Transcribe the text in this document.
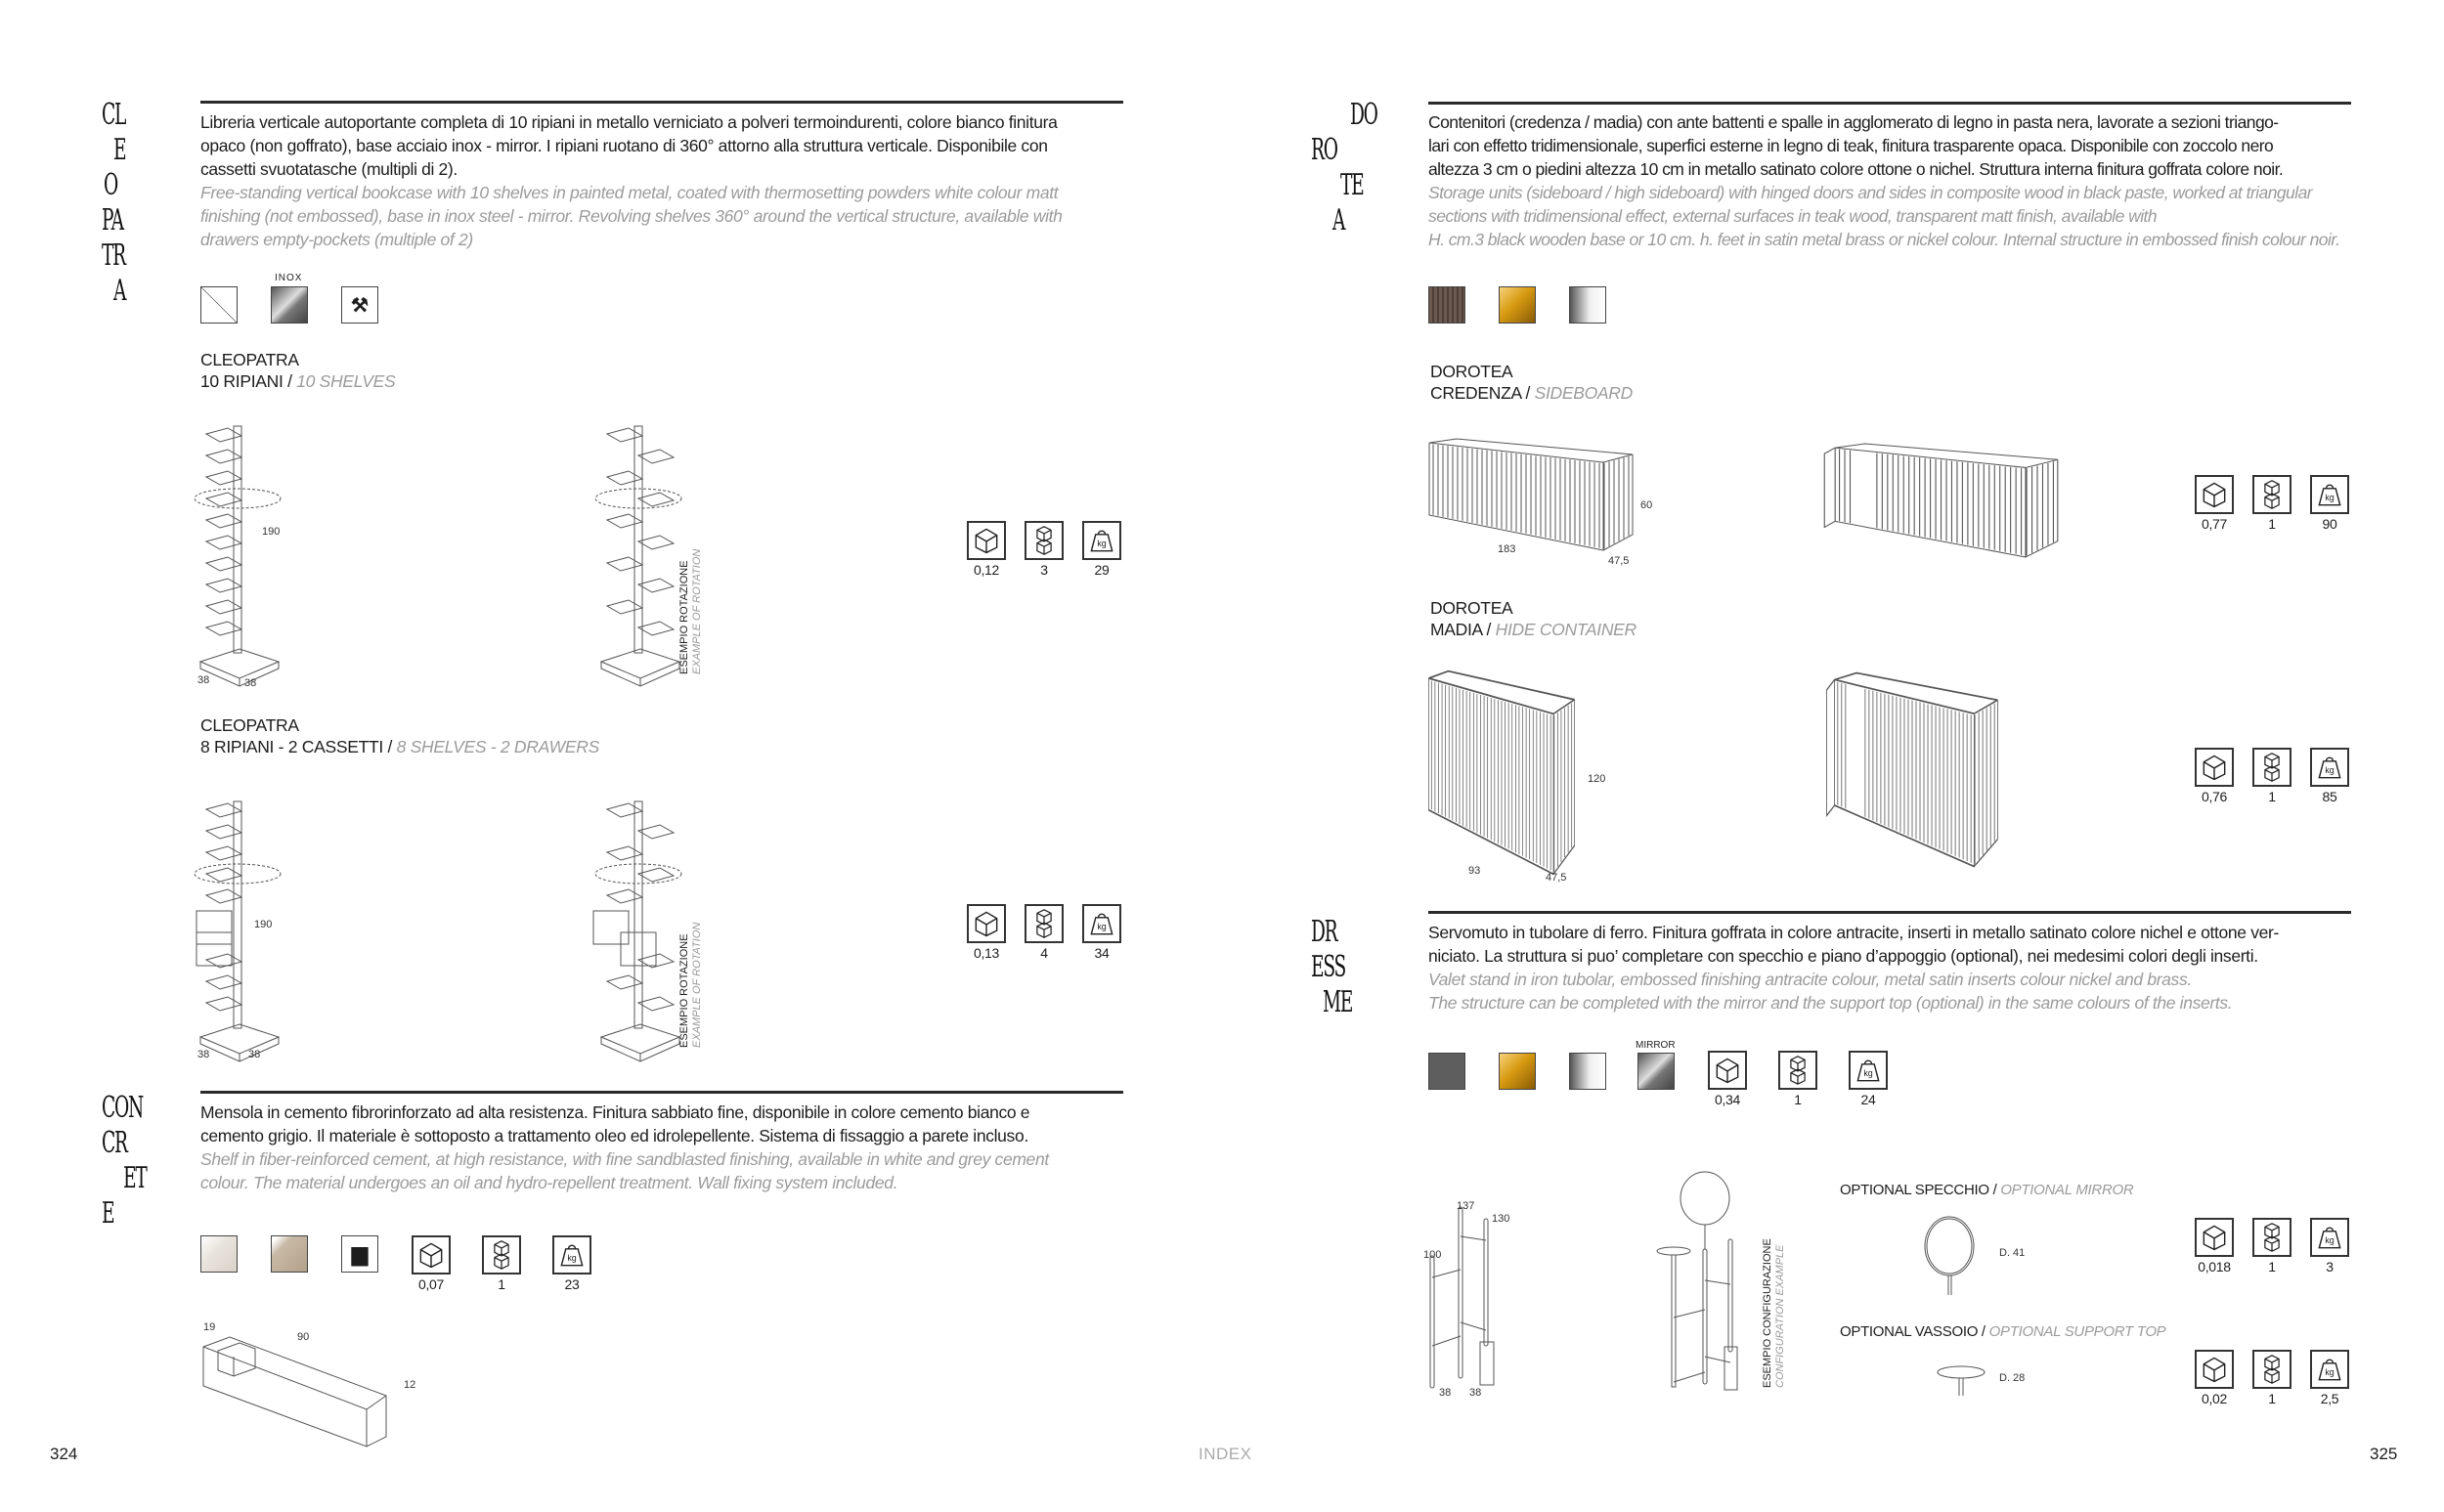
CL
E
O
PA
TR
A
Libreria verticale autoportante completa di 10 ripiani in metallo verniciato a polveri termoindurenti, colore bianco finitura
opaco (non goffrato), base acciaio inox - mirror. I ripiani ruotano di 360° attorno alla struttura verticale. Disponibile con
cassetti svuotatasche (multipli di 2).
Free-standing vertical bookcase with 10 shelves in painted metal, coated with thermosetting powders white colour matt
finishing (not embossed), base in inox steel - mirror. Revolving shelves 360° around the vertical structure, available with
drawers empty-pockets (multiple of 2)
INOX
⚒
CLEOPATRA
10 RIPIANI / 10 SHELVES
190
38	38
ESEMPIO ROTAZIONE EXAMPLE OF ROTATION	0,12	3	29
CLEOPATRA
8 RIPIANI - 2 CASSETTI / 8 SHELVES - 2 DRAWERS
190
38	38
ESEMPIO ROTAZIONE EXAMPLE OF ROTATION	0,13	4	34
CON
CR
ET
E
Mensola in cemento fibrorinforzato ad alta resistenza. Finitura sabbiato fine, disponibile in colore cemento bianco e
cemento grigio. Il materiale è sottoposto a trattamento oleo ed idrolepellente. Sistema di fissaggio a parete incluso.
Shelf in fiber-reinforced cement, at high resistance, with fine sandblasted finishing, available in white and grey cement
colour. The material undergoes an oil and hydro-repellent treatment. Wall fixing system included.
▆
0,07	1	23
19
90
12
324	INDEX
DO
RO
TE
A
Contenitori (credenza / madia) con ante battenti e spalle in agglomerato di legno in pasta nera, lavorate a sezioni triango-
lari con effetto tridimensionale, superfici esterne in legno di teak, finitura trasparente opaca. Disponibile con zoccolo nero
altezza 3 cm o piedini altezza 10 cm in metallo satinato colore ottone o nichel. Struttura interna finitura goffrata colore noir.
Storage units (sideboard / high sideboard) with hinged doors and sides in composite wood in black paste, worked at triangular
sections with tridimensional effect, external surfaces in teak wood, transparent matt finish, available with
H. cm.3 black wooden base or 10 cm. h. feet in satin metal brass or nickel colour. Internal structure in embossed finish colour noir.
DOROTEA
CREDENZA / SIDEBOARD
60
183
47,5
0,77	1	90
DOROTEA
MADIA / HIDE CONTAINER
120
93
47,5
0,76	1	85
DR
ESS
ME
Servomuto in tubolare di ferro. Finitura goffrata in colore antracite, inserti in metallo satinato colore nichel e ottone ver-
niciato. La struttura si puo’ completare con specchio e piano d’appoggio (optional), nei medesimi colori degli inserti.
Valet stand in iron tubolar, embossed finishing antracite colour, metal satin inserts colour nickel and brass.
The structure can be completed with the mirror and the support top (optional) in the same colours of the inserts.
MIRROR
0,34	1	24
137
130
100
38 38
ESEMPIO CONFIGURAZIONE CONFIGURATION EXAMPLE
OPTIONAL SPECCHIO / OPTIONAL MIRROR
D. 41
0,018	1	3
OPTIONAL VASSOIO / OPTIONAL SUPPORT TOP
D. 28
0,02	1	2,5
325
